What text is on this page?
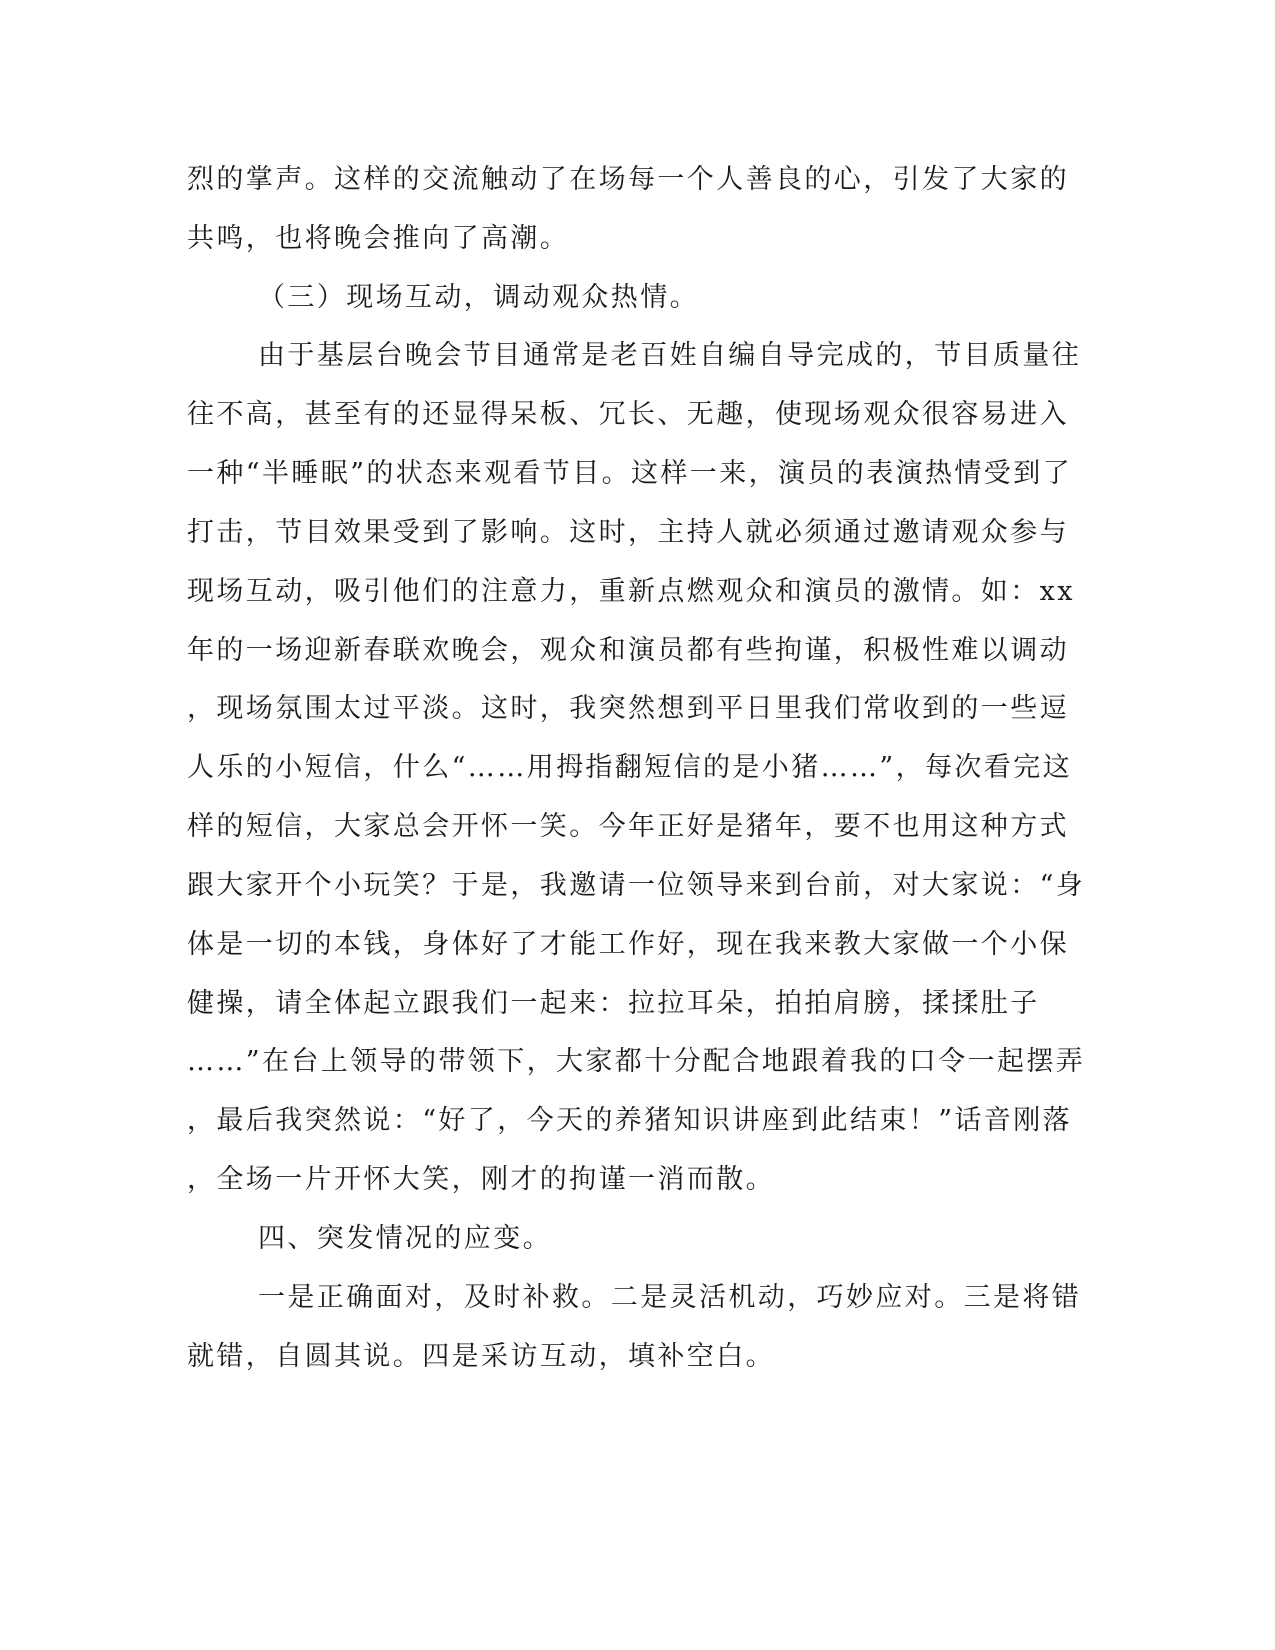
烈的掌声。这样的交流触动了在场每一个人善良的心，引发了大家的

共鸣，也将晚会推向了高潮。

（三）现场互动，调动观众热情。

由于基层台晚会节目通常是老百姓自编自导完成的，节目质量往

往不高，甚至有的还显得呆板、冗长、无趣，使现场观众很容易进入

一种“半睡眠”的状态来观看节目。这样一来，演员的表演热情受到了

打击，节目效果受到了影响。这时，主持人就必须通过邀请观众参与

现场互动，吸引他们的注意力，重新点燃观众和演员的激情。如：xx

年的一场迎新春联欢晚会，观众和演员都有些拘谨，积极性难以调动

，现场氛围太过平淡。这时，我突然想到平日里我们常收到的一些逗

人乐的小短信，什么“……用拇指翻短信的是小猪……”，每次看完这

样的短信，大家总会开怀一笑。今年正好是猪年，要不也用这种方式

跟大家开个小玩笑？于是，我邀请一位领导来到台前，对大家说：“身

体是一切的本钱，身体好了才能工作好，现在我来教大家做一个小保

健操，请全体起立跟我们一起来：拉拉耳朵，拍拍肩膀，揉揉肚子

……”在台上领导的带领下，大家都十分配合地跟着我的口令一起摆弄

，最后我突然说：“好了，今天的养猪知识讲座到此结束！”话音刚落

，全场一片开怀大笑，刚才的拘谨一消而散。

四、突发情况的应变。

一是正确面对，及时补救。二是灵活机动，巧妙应对。三是将错

就错，自圆其说。四是采访互动，填补空白。
